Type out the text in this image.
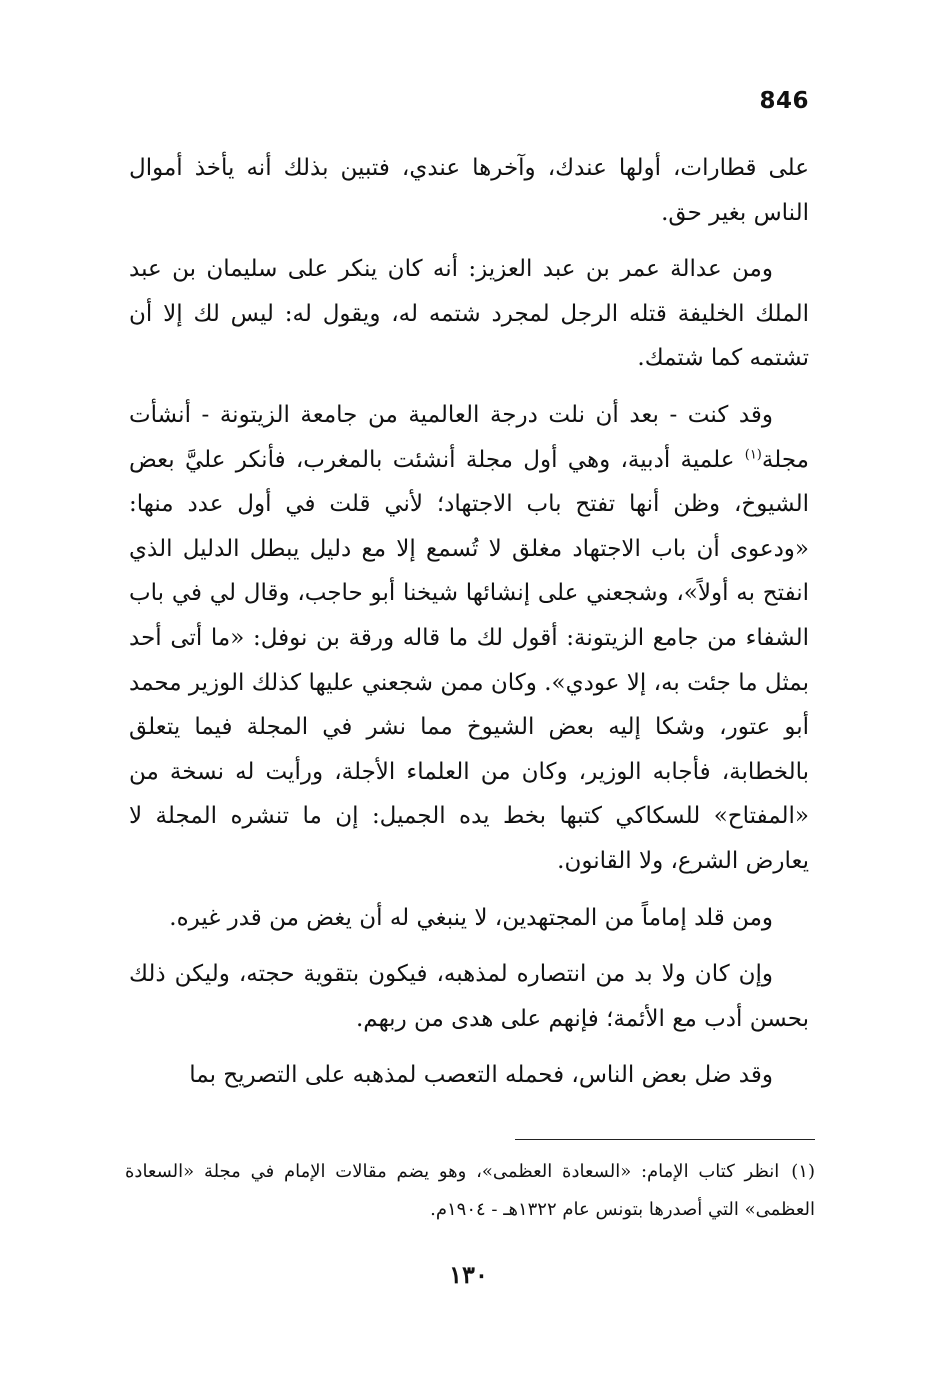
846

على قطارات، أولها عندك، وآخرها عندي، فتبين بذلك أنه يأخذ أموال الناس بغير حق.

ومن عدالة عمر بن عبد العزيز: أنه كان ينكر على سليمان بن عبد الملك الخليفة قتله الرجل لمجرد شتمه له، ويقول له: ليس لك إلا أن تشتمه كما شتمك.

وقد كنت - بعد أن نلت درجة العالمية من جامعة الزيتونة - أنشأت مجلة$^{(١)}$ علمية أدبية، وهي أول مجلة أنشئت بالمغرب، فأنكر عليَّ بعض الشيوخ، وظن أنها تفتح باب الاجتهاد؛ لأني قلت في أول عدد منها: «ودعوى أن باب الاجتهاد مغلق لا تُسمع إلا مع دليل يبطل الدليل الذي انفتح به أولاً»، وشجعني على إنشائها شيخنا أبو حاجب، وقال لي في باب الشفاء من جامع الزيتونة: أقول لك ما قاله ورقة بن نوفل: «ما أتى أحد بمثل ما جئت به، إلا عودي». وكان ممن شجعني عليها كذلك الوزير محمد أبو عتور، وشكا إليه بعض الشيوخ مما نشر في المجلة فيما يتعلق بالخطابة، فأجابه الوزير، وكان من العلماء الأجلة، ورأيت له نسخة من «المفتاح» للسكاكي كتبها بخط يده الجميل: إن ما تنشره المجلة لا يعارض الشرع، ولا القانون.

ومن قلد إماماً من المجتهدين، لا ينبغي له أن يغض من قدر غيره.

وإن كان ولا بد من انتصاره لمذهبه، فيكون بتقوية حجته، وليكن ذلك بحسن أدب مع الأئمة؛ فإنهم على هدى من ربهم.

وقد ضل بعض الناس، فحمله التعصب لمذهبه على التصريح بما

(١)انظر كتاب الإمام: «السعادة العظمى»، وهو يضم مقالات الإمام في مجلة «السعادة العظمى» التي أصدرها بتونس عام ١٣٢٢هـ - ١٩٠٤م.
١٣٠
